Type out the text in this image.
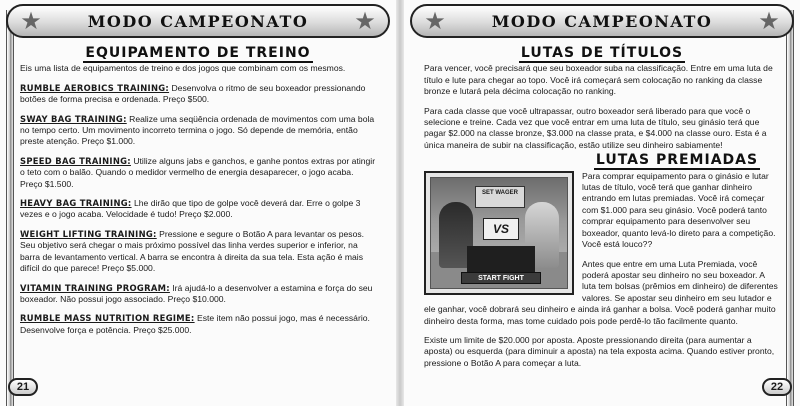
★	MODO CAMPEONATO ★
EQUIPAMENTO DE TREINO

Eis uma lista de equipamentos de treino e dos jogos que combinam com os mesmos.

RUMBLE AEROBICS TRAINING: Desenvolva o ritmo de seu boxeador pressionando botões de forma precisa e ordenada. Preço $500.

SWAY BAG TRAINING: Realize uma seqüência ordenada de movimentos com uma bola no tempo certo. Um movimento incorreto termina o jogo. Só depende de memória, então preste atenção. Preço $1.000.

SPEED BAG TRAINING: Utilize alguns jabs e ganchos, e ganhe pontos extras por atingir o teto com o balão. Quando o medidor vermelho de energia desaparecer, o jogo acaba. Preço $1.500.

HEAVY BAG TRAINING: Lhe dirão que tipo de golpe você deverá dar. Erre o golpe 3 vezes e o jogo acaba. Velocidade é tudo! Preço $2.000.

WEIGHT LIFTING TRAINING: Pressione e segure o Botão A para levantar os pesos. Seu objetivo será chegar o mais próximo possível das linha verdes superior e inferior, na barra de levantamento vertical. A barra se encontra à direita da sua tela. Esta ação é mais difícil do que parece! Preço $5.000.

VITAMIN TRAINING PROGRAM: Irá ajudá-lo a desenvolver a estamina e força do seu boxeador. Não possui jogo associado. Preço $10.000.

RUMBLE MASS NUTRITION REGIME: Este item não possui jogo, mas é necessário. Desenvolve força e potência. Preço $25.000.

21
★	MODO CAMPEONATO ★
LUTAS DE TÍTULOS

Para vencer, você precisará que seu boxeador suba na classificação. Entre em uma luta de título e lute para chegar ao topo. Você irá começará sem colocação no ranking da classe bronze e lutará pela décima colocação no ranking.

Para cada classe que você ultrapassar, outro boxeador será liberado para que você o selecione e treine. Cada vez que você entrar em uma luta de título, seu ginásio terá que pagar $2.000 na classe bronze, $3.000 na classe prata, e $4.000 na classe ouro. Esta é a única maneira de subir na classificação, estão utilize seu dinheiro sabiamente!

LUTAS PREMIADAS
SET WAGER
VS
START FIGHT

Para comprar equipamento para o ginásio e lutar lutas de título, você terá que ganhar dinheiro entrando em lutas premiadas. Você irá começar com $1.000 para seu ginásio. Você poderá tanto comprar equipamento para desenvolver seu boxeador, quanto levá-lo direto para a competição. Você está louco??

Antes que entre em uma Luta Premiada, você poderá apostar seu dinheiro no seu boxeador. A luta tem bolsas (prêmios em dinheiro) de diferentes valores. Se apostar seu dinheiro em seu lutador e ele ganhar, você dobrará seu dinheiro e ainda irá ganhar a bolsa. Você poderá ganhar muito dinheiro desta forma, mas tome cuidado pois pode perdê-lo tão facilmente quanto.

Existe um limite de $20.000 por aposta. Aposte pressionando direita (para aumentar a aposta) ou esquerda (para diminuir a aposta) na tela exposta acima. Quando estiver pronto, pressione o Botão A para começar a luta.

22
